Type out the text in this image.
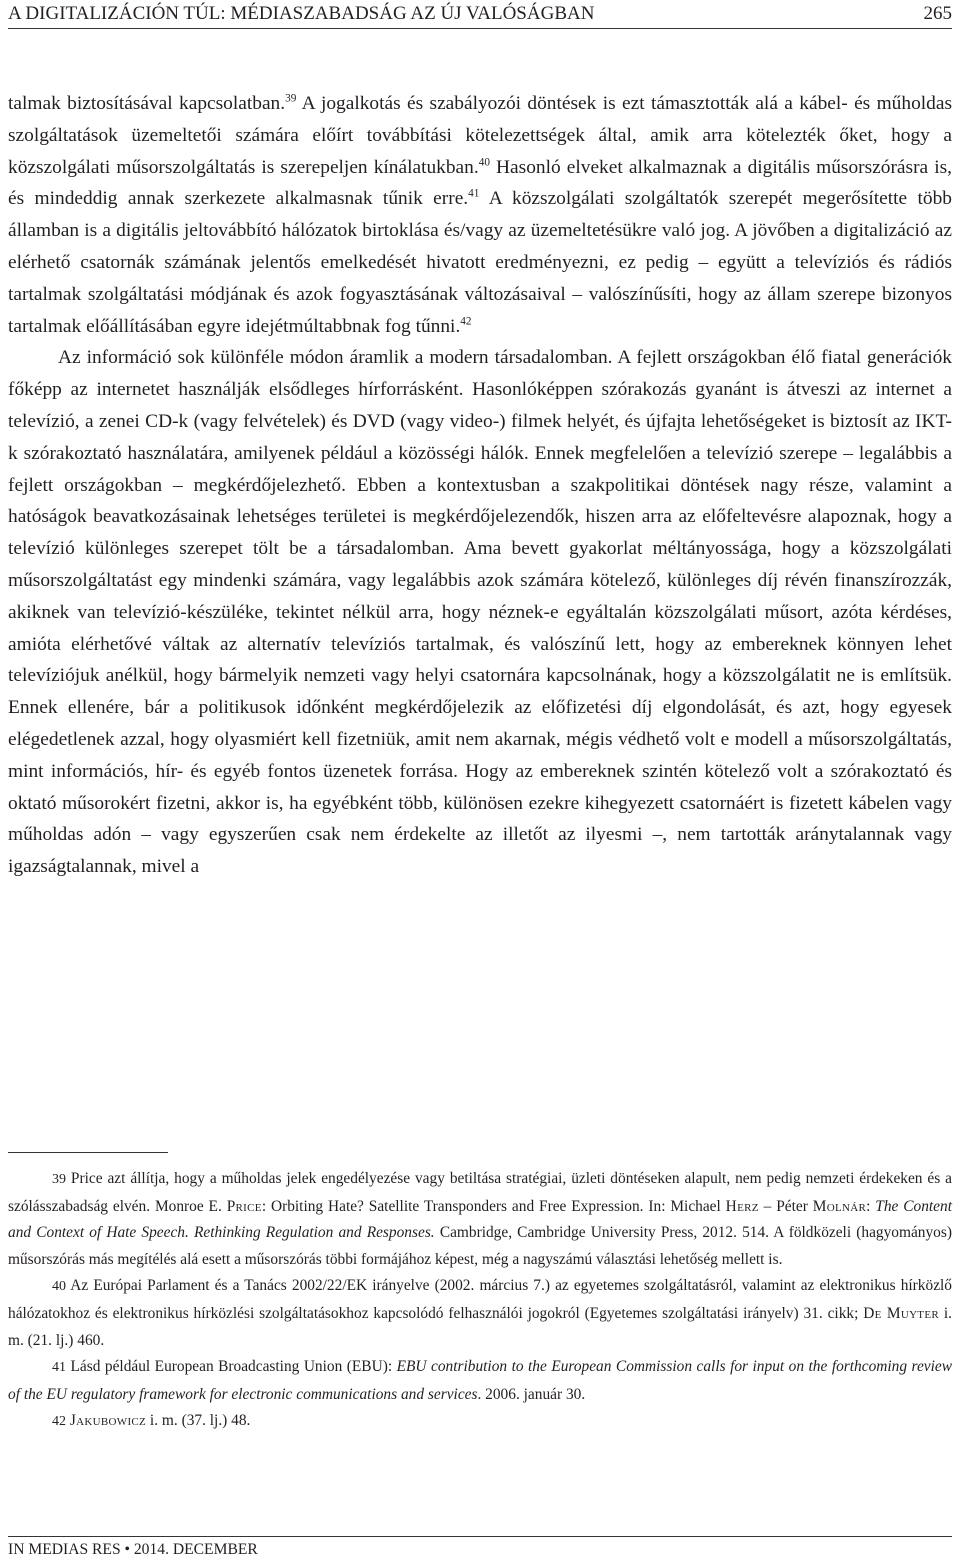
A DIGITALIZÁCIÓN TÚL: MÉDIASZABADSÁG AZ ÚJ VALÓSÁGBAN	265

talmak biztosításával kapcsolatban.$^{39}$ A jogalkotás és szabályozói döntések is ezt támasztották alá a kábel- és műholdas szolgáltatások üzemeltetői számára előírt továbbítási kötelezettségek által, amik arra kötelezték őket, hogy a közszolgálati műsorszolgáltatás is szerepeljen kínálatukban.$^{40}$ Hasonló elveket alkalmaznak a digitális műsorszórásra is, és mindeddig annak szerkezete alkalmasnak tűnik erre.$^{41}$ A közszolgálati szolgáltatók szerepét megerősítette több államban is a digitális jeltovábbító hálózatok birtoklása és/vagy az üzemeltetésükre való jog. A jövőben a digitalizáció az elérhető csatornák számának jelentős emelkedését hivatott eredményezni, ez pedig – együtt a televíziós és rádiós tartalmak szolgáltatási módjának és azok fogyasztásának változásaival – valószínűsíti, hogy az állam szerepe bizonyos tartalmak előállításában egyre idejétmúltabbnak fog tűnni.$^{42}$

Az információ sok különféle módon áramlik a modern társadalomban. A fejlett országokban élő fiatal generációk főképp az internetet használják elsődleges hírforrásként. Hasonlóképpen szórakozás gyanánt is átveszi az internet a televízió, a zenei CD-k (vagy felvételek) és DVD (vagy video-) filmek helyét, és újfajta lehetőségeket is biztosít az IKT-k szórakoztató használatára, amilyenek például a közösségi hálók. Ennek megfelelően a televízió szerepe – legalábbis a fejlett országokban – megkérdőjelezhető. Ebben a kontextusban a szakpolitikai döntések nagy része, valamint a hatóságok beavatkozásainak lehetséges területei is megkérdőjelezendők, hiszen arra az előfeltevésre alapoznak, hogy a televízió különleges szerepet tölt be a társadalomban. Ama bevett gyakorlat méltányossága, hogy a közszolgálati műsorszolgáltatást egy mindenki számára, vagy legalábbis azok számára kötelező, különleges díj révén finanszírozzák, akiknek van televízió-készüléke, tekintet nélkül arra, hogy néznek-e egyáltalán közszolgálati műsort, azóta kérdéses, amióta elérhetővé váltak az alternatív televíziós tartalmak, és valószínű lett, hogy az embereknek könnyen lehet televíziójuk anélkül, hogy bármelyik nemzeti vagy helyi csatornára kapcsolnának, hogy a közszolgálatit ne is említsük. Ennek ellenére, bár a politikusok időnként megkérdőjelezik az előfizetési díj elgondolását, és azt, hogy egyesek elégedetlenek azzal, hogy olyasmiért kell fizetniük, amit nem akarnak, mégis védhető volt e modell a műsorszolgáltatás, mint információs, hír- és egyéb fontos üzenetek forrása. Hogy az embereknek szintén kötelező volt a szórakoztató és oktató műsorokért fizetni, akkor is, ha egyébként több, különösen ezekre kihegyezett csatornáért is fizetett kábelen vagy műholdas adón – vagy egyszerűen csak nem érdekelte az illetőt az ilyesmi –, nem tartották aránytalannak vagy igazságtalannak, mivel a

39 Price azt állítja, hogy a műholdas jelek engedélyezése vagy betiltása stratégiai, üzleti döntéseken alapult, nem pedig nemzeti érdekeken és a szólásszabadság elvén. Monroe E. Price: Orbiting Hate? Satellite Transponders and Free Expression. In: Michael Herz – Péter Molnár: The Content and Context of Hate Speech. Rethinking Regulation and Responses. Cambridge, Cambridge University Press, 2012. 514. A földközeli (hagyományos) műsorszórás más megítélés alá esett a műsorszórás többi formájához képest, még a nagyszámú választási lehetőség mellett is.

40 Az Európai Parlament és a Tanács 2002/22/EK irányelve (2002. március 7.) az egyetemes szolgáltatásról, valamint az elektronikus hírközlő hálózatokhoz és elektronikus hírközlési szolgáltatásokhoz kapcsolódó felhasználói jogokról (Egyetemes szolgáltatási irányelv) 31. cikk; De Muyter i. m. (21. lj.) 460.

41 Lásd például European Broadcasting Union (EBU): EBU contribution to the European Commission calls for input on the forthcoming review of the EU regulatory framework for electronic communications and services. 2006. január 30.

42 Jakubowicz i. m. (37. lj.) 48.

IN MEDIAS RES • 2014. DECEMBER
